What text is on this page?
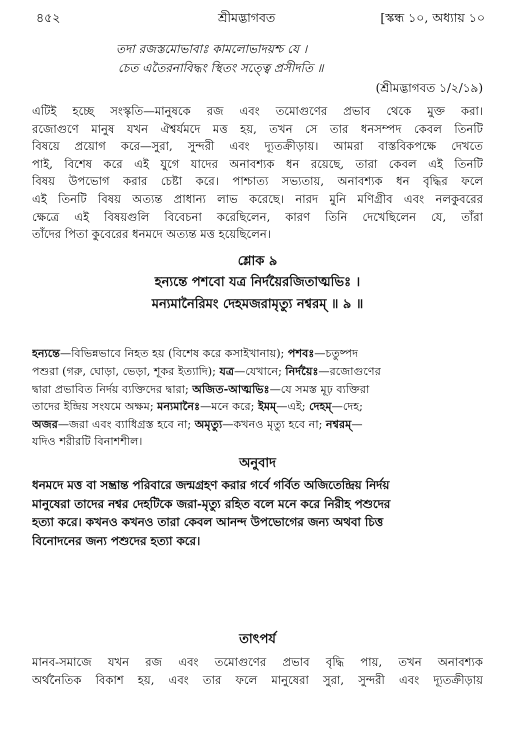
৪৫২	শ্রীমদ্ভাগবত	[স্কন্ধ ১০, অধ্যায় ১০
তদা রজস্তমোভাবাঃ কামলোভাদয়শ্চ যে ।
চেত এতৈরনাবিদ্ধং স্থিতং সত্ত্বে প্রসীদতি ॥
(শ্রীমদ্ভাগবত ১/২/১৯)
এটিই হচ্ছে সংস্কৃতি—মানুষকে রজ এবং তমোগুণের প্রভাব থেকে মুক্ত করা।
রজোগুণে মানুষ যখন ঐশ্বর্যমদে মত্ত হয়, তখন সে তার ধনসম্পদ কেবল তিনটি
বিষয়ে প্রয়োগ করে—সুরা, সুন্দরী এবং দ্যূতক্রীড়ায়। আমরা বাস্তবিকপক্ষে দেখতে
পাই, বিশেষ করে এই যুগে যাদের অনাবশ্যক ধন রয়েছে, তারা কেবল এই তিনটি
বিষয় উপভোগ করার চেষ্টা করে। পাশ্চাত্য সভ্যতায়, অনাবশ্যক ধন বৃদ্ধির ফলে
এই তিনটি বিষয় অত্যন্ত প্রাধান্য লাভ করেছে। নারদ মুনি মণিগ্রীব এবং নলকুবরের
ক্ষেত্রে এই বিষয়গুলি বিবেচনা করেছিলেন, কারণ তিনি দেখেছিলেন যে, তাঁরা
তাঁদের পিতা কুবেরের ধনমদে অত্যন্ত মত্ত হয়েছিলেন।
শ্লোক ৯
হন্যন্তে পশবো যত্র নির্দয়ৈরজিতাত্মভিঃ ।
মন্যমানৈরিমং দেহমজরামৃত্যু নশ্বরম্ ॥ ৯ ॥
হন্যন্তে—বিভিন্নভাবে নিহত হয় (বিশেষ করে কসাইখানায়); পশবঃ—চতুষ্পদ
পশুরা (গরু, ঘোড়া, ভেড়া, শূকর ইত্যাদি); যত্র—যেখানে; নির্দয়ৈঃ—রজোগুণের
দ্বারা প্রভাবিত নির্দয় ব্যক্তিদের দ্বারা; অজিত-আত্মভিঃ—যে সমস্ত মূঢ় ব্যক্তিরা
তাদের ইন্দ্রিয় সংযমে অক্ষম; মন্যমানৈঃ—মনে করে; ইমম্—এই; দেহম্—দেহ;
অজর—জরা এবং ব্যাধিগ্রস্ত হবে না; অমৃত্যু—কখনও মৃত্যু হবে না; নশ্বরম্—
যদিও শরীরটি বিনাশশীল।
অনুবাদ
ধনমদে মত্ত বা সম্ভ্রান্ত পরিবারে জন্মগ্রহণ করার গর্বে গর্বিত অজিতেন্দ্রিয় নির্দয়
মানুষেরা তাদের নশ্বর দেহটিকে জরা-মৃত্যু রহিত বলে মনে করে নিরীহ পশুদের
হত্যা করে। কখনও কখনও তারা কেবল আনন্দ উপভোগের জন্য অথবা চিত্ত
বিনোদনের জন্য পশুদের হত্যা করে।
তাৎপর্য
মানব-সমাজে যখন রজ এবং তমোগুণের প্রভাব বৃদ্ধি পায়, তখন অনাবশ্যক
অর্থনৈতিক বিকাশ হয়, এবং তার ফলে মানুষেরা সুরা, সুন্দরী এবং দ্যূতক্রীড়ায়
